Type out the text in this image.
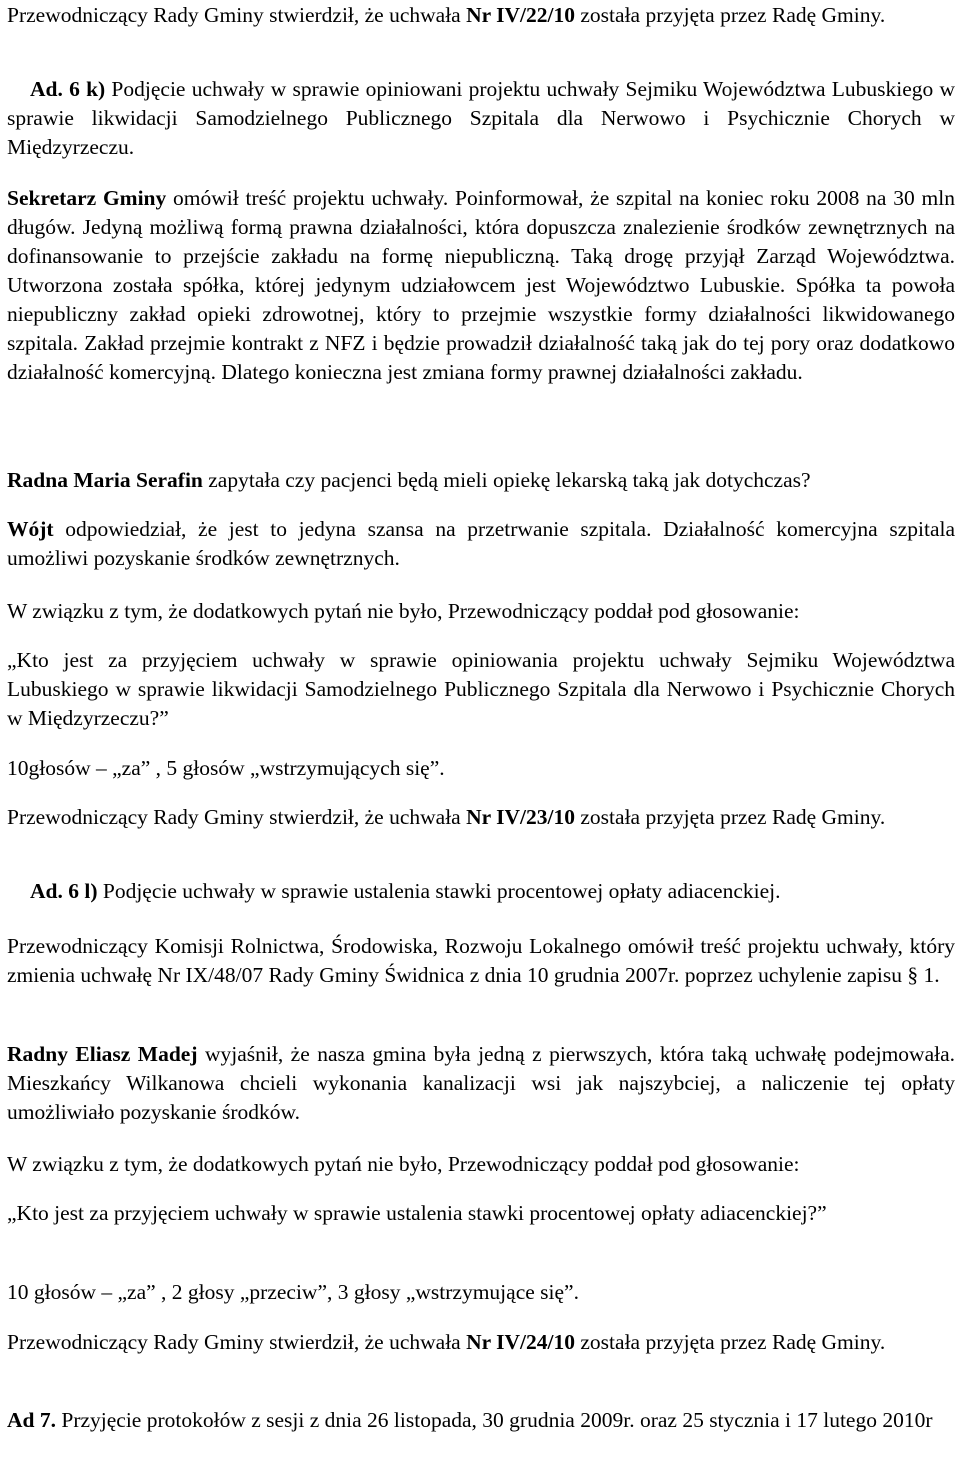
Przewodniczący Rady Gminy stwierdził, że uchwała Nr IV/22/10 została przyjęta przez Radę Gminy.

Ad. 6 k) Podjęcie uchwały w sprawie opiniowani projektu uchwały Sejmiku Województwa Lubuskiego w sprawie likwidacji Samodzielnego Publicznego Szpitala dla Nerwowo i Psychicznie Chorych w Międzyrzeczu.

Sekretarz Gminy omówił treść projektu uchwały. Poinformował, że szpital na koniec roku 2008 na 30 mln długów. Jedyną możliwą formą prawna działalności, która dopuszcza znalezienie środków zewnętrznych na dofinansowanie to przejście zakładu na formę niepubliczną. Taką drogę przyjął Zarząd Województwa. Utworzona została spółka, której jedynym udziałowcem jest Województwo Lubuskie. Spółka ta powoła niepubliczny zakład opieki zdrowotnej, który to przejmie wszystkie formy działalności likwidowanego szpitala. Zakład przejmie kontrakt z NFZ i będzie prowadził działalność taką jak do tej pory oraz dodatkowo działalność komercyjną. Dlatego konieczna jest zmiana formy prawnej działalności zakładu.

Radna Maria Serafin zapytała czy pacjenci będą mieli opiekę lekarską taką jak dotychczas?

Wójt odpowiedział, że jest to jedyna szansa na przetrwanie szpitala. Działalność komercyjna szpitala umożliwi pozyskanie środków zewnętrznych.

W związku z tym, że dodatkowych pytań nie było, Przewodniczący poddał pod głosowanie:

„Kto jest za przyjęciem uchwały w sprawie opiniowania projektu uchwały Sejmiku Województwa Lubuskiego w sprawie likwidacji Samodzielnego Publicznego Szpitala dla Nerwowo i Psychicznie Chorych w Międzyrzeczu?”

10głosów – „za” , 5 głosów „wstrzymujących się”.

Przewodniczący Rady Gminy stwierdził, że uchwała Nr IV/23/10 została przyjęta przez Radę Gminy.

Ad. 6 l) Podjęcie uchwały w sprawie ustalenia stawki procentowej opłaty adiacenckiej.

Przewodniczący Komisji Rolnictwa, Środowiska, Rozwoju Lokalnego omówił treść projektu uchwały, który zmienia uchwałę Nr IX/48/07 Rady Gminy Świdnica z dnia 10 grudnia 2007r. poprzez uchylenie zapisu § 1.

Radny Eliasz Madej wyjaśnił, że nasza gmina była jedną z pierwszych, która taką uchwałę podejmowała. Mieszkańcy Wilkanowa chcieli wykonania kanalizacji wsi jak najszybciej, a naliczenie tej opłaty umożliwiało pozyskanie środków.

W związku z tym, że dodatkowych pytań nie było, Przewodniczący poddał pod głosowanie:

„Kto jest za przyjęciem uchwały w sprawie ustalenia stawki procentowej opłaty adiacenckiej?”

10 głosów – „za” , 2 głosy „przeciw”, 3 głosy „wstrzymujące się”.

Przewodniczący Rady Gminy stwierdził, że uchwała Nr IV/24/10 została przyjęta przez Radę Gminy.

Ad 7. Przyjęcie protokołów z sesji z dnia 26 listopada, 30 grudnia 2009r. oraz 25 stycznia i 17 lutego 2010r
